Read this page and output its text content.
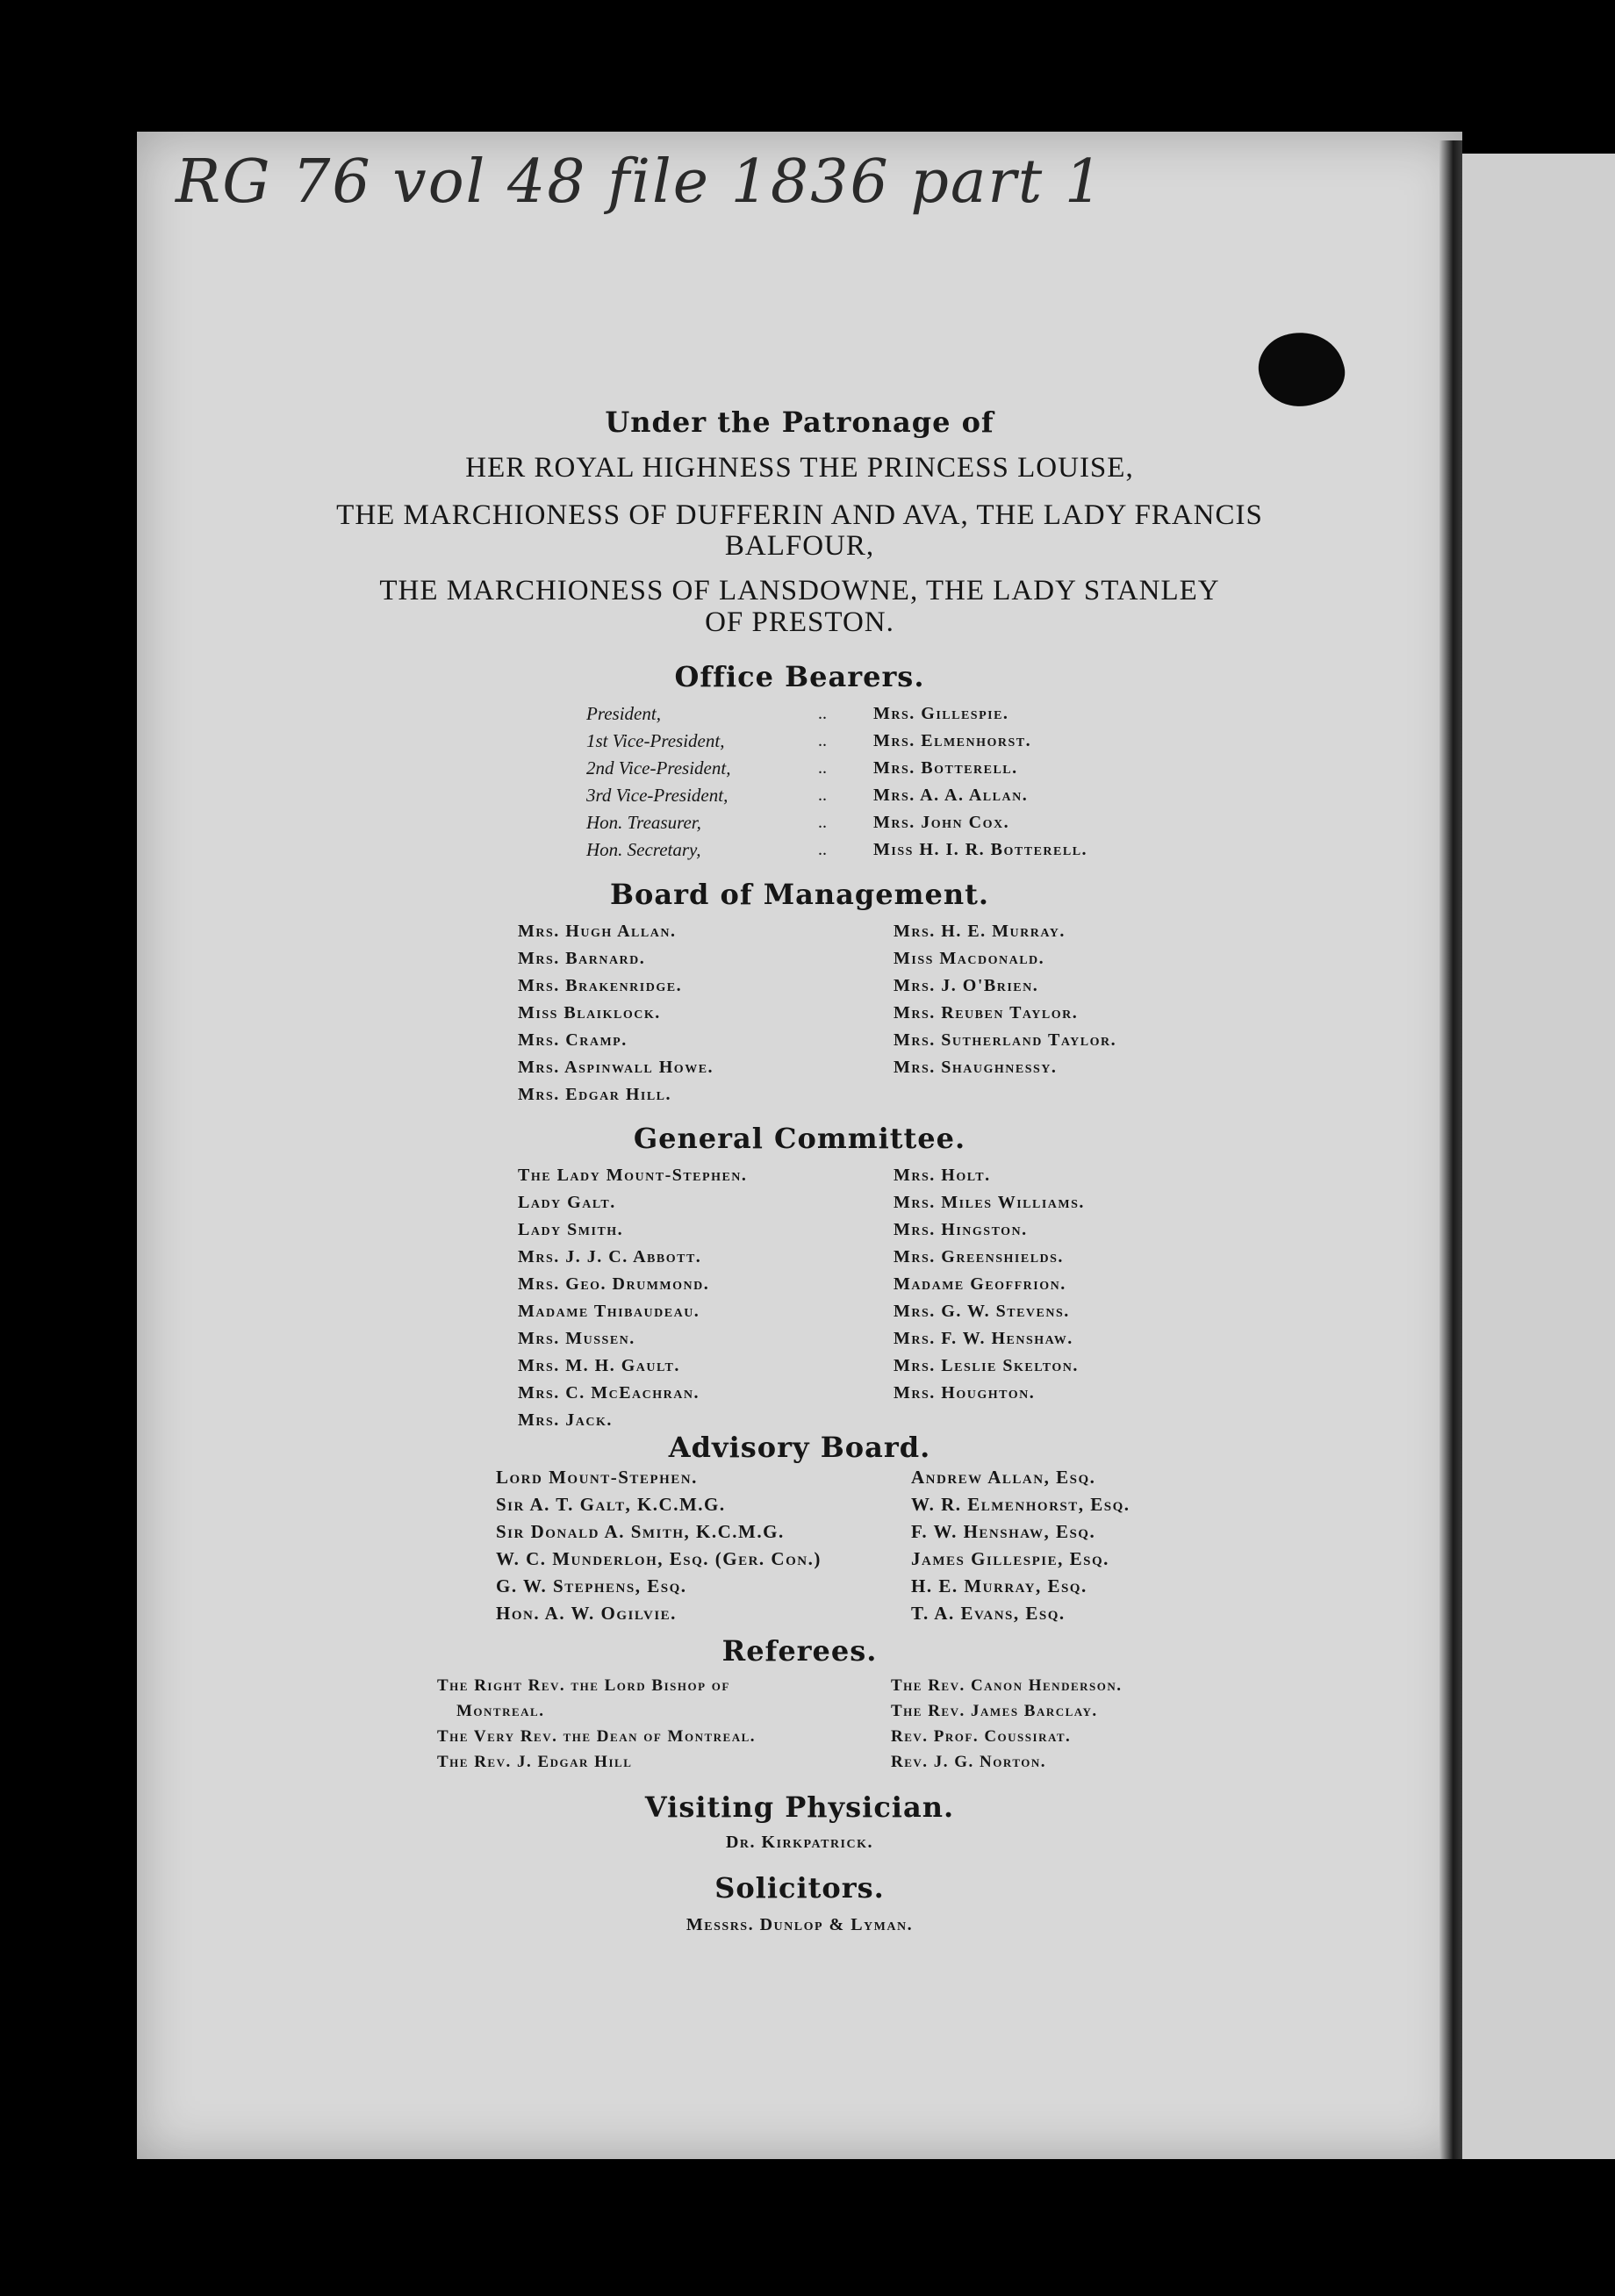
RG 76 vol 48 file 1836 part 1
Under the Patronage of
HER ROYAL HIGHNESS THE PRINCESS LOUISE,
THE MARCHIONESS OF DUFFERIN AND AVA, THE LADY FRANCIS
BALFOUR,
THE MARCHIONESS OF LANSDOWNE, THE LADY STANLEY
OF PRESTON.
Office Bearers.
President,
1st Vice-President,
2nd Vice-President,
3rd Vice-President,
Hon. Treasurer,
Hon. Secretary,
..
..
..
..
..
..
Mrs. Gillespie.
Mrs. Elmenhorst.
Mrs. Botterell.
Mrs. A. A. Allan.
Mrs. John Cox.
Miss H. I. R. Botterell.
Board of Management.
Mrs. Hugh Allan.
Mrs. Barnard.
Mrs. Brakenridge.
Miss Blaiklock.
Mrs. Cramp.
Mrs. Aspinwall Howe.
Mrs. Edgar Hill.
Mrs. H. E. Murray.
Miss Macdonald.
Mrs. J. O'Brien.
Mrs. Reuben Taylor.
Mrs. Sutherland Taylor.
Mrs. Shaughnessy.
General Committee.
The Lady Mount-Stephen.
Lady Galt.
Lady Smith.
Mrs. J. J. C. Abbott.
Mrs. Geo. Drummond.
Madame Thibaudeau.
Mrs. Mussen.
Mrs. M. H. Gault.
Mrs. C. McEachran.
Mrs. Jack.
Mrs. Holt.
Mrs. Miles Williams.
Mrs. Hingston.
Mrs. Greenshields.
Madame Geoffrion.
Mrs. G. W. Stevens.
Mrs. F. W. Henshaw.
Mrs. Leslie Skelton.
Mrs. Houghton.
Advisory Board.
Lord Mount-Stephen.
Sir A. T. Galt, K.C.M.G.
Sir Donald A. Smith, K.C.M.G.
W. C. Munderloh, Esq. (Ger. Con.)
G. W. Stephens, Esq.
Hon. A. W. Ogilvie.
Andrew Allan, Esq.
W. R. Elmenhorst, Esq.
F. W. Henshaw, Esq.
James Gillespie, Esq.
H. E. Murray, Esq.
T. A. Evans, Esq.
Referees.
The Right Rev. the Lord Bishop of
Montreal.
The Very Rev. the Dean of Montreal.
The Rev. J. Edgar Hill
The Rev. Canon Henderson.
The Rev. James Barclay.
Rev. Prof. Coussirat.
Rev. J. G. Norton.
Visiting Physician.
Dr. Kirkpatrick.
Solicitors.
Messrs. Dunlop & Lyman.
